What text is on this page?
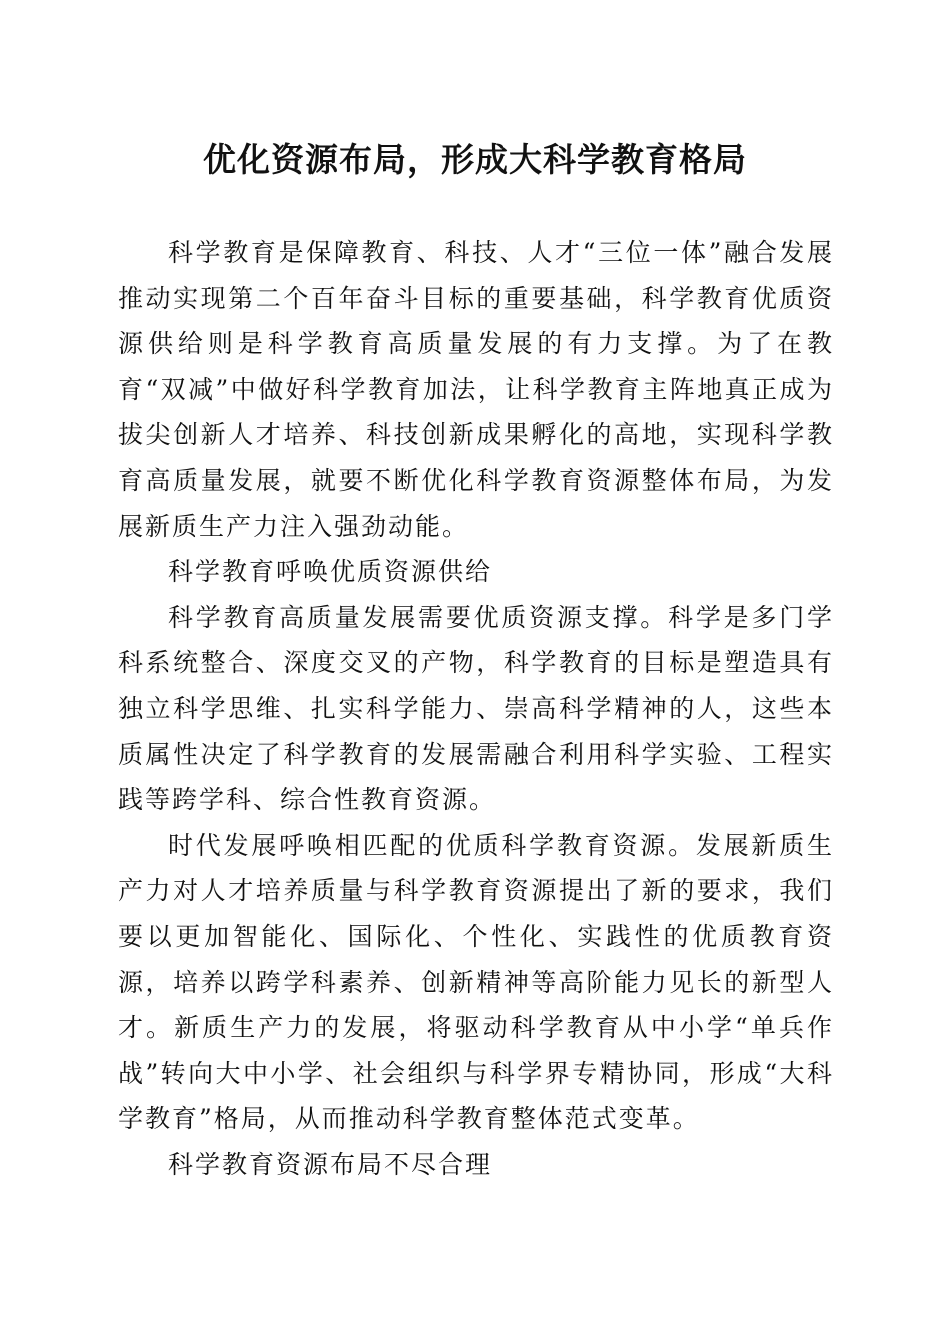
优化资源布局，形成大科学教育格局

科学教育是保障教育、科技、人才“三位一体”融合发展推动实现第二个百年奋斗目标的重要基础，科学教育优质资源供给则是科学教育高质量发展的有力支撑。为了在教育“双减”中做好科学教育加法，让科学教育主阵地真正成为拔尖创新人才培养、科技创新成果孵化的高地，实现科学教育高质量发展，就要不断优化科学教育资源整体布局，为发展新质生产力注入强劲动能。

科学教育呼唤优质资源供给

科学教育高质量发展需要优质资源支撑。科学是多门学科系统整合、深度交叉的产物，科学教育的目标是塑造具有独立科学思维、扎实科学能力、崇高科学精神的人，这些本质属性决定了科学教育的发展需融合利用科学实验、工程实践等跨学科、综合性教育资源。

时代发展呼唤相匹配的优质科学教育资源。发展新质生产力对人才培养质量与科学教育资源提出了新的要求，我们要以更加智能化、国际化、个性化、实践性的优质教育资源，培养以跨学科素养、创新精神等高阶能力见长的新型人才。新质生产力的发展，将驱动科学教育从中小学“单兵作战”转向大中小学、社会组织与科学界专精协同，形成“大科学教育”格局，从而推动科学教育整体范式变革。

科学教育资源布局不尽合理
